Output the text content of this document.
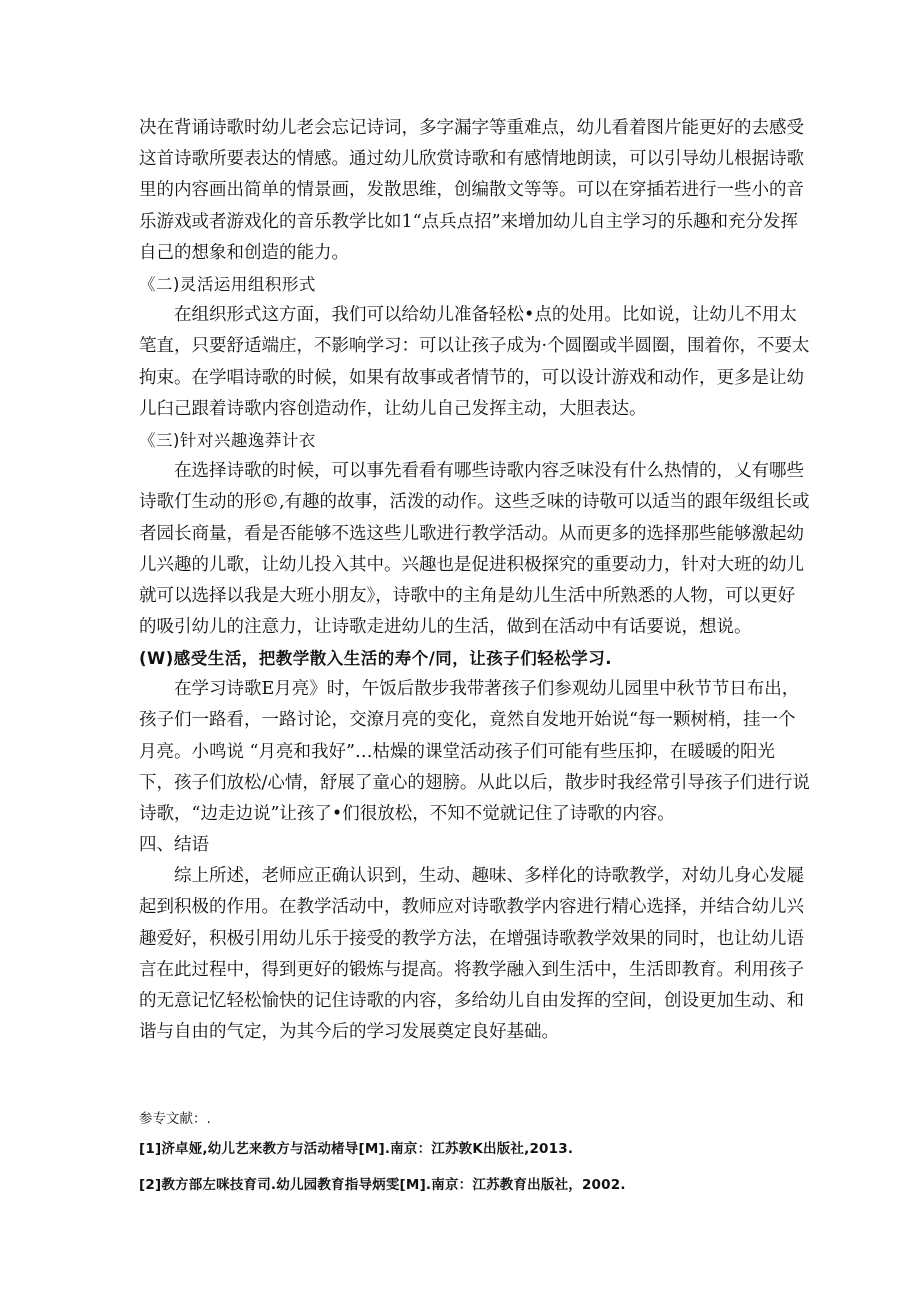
决在背诵诗歌时幼儿老会忘记诗词，多字漏字等重难点，幼儿看着图片能更好的去感受
这首诗歌所要表达的情感。通过幼儿欣赏诗歌和有感情地朗读，可以引导幼儿根据诗歌
里的内容画出简单的情景画，发散思维，创编散文等等。可以在穿插若进行一些小的音
乐游戏或者游戏化的音乐教学比如1“点兵点招”来增加幼儿自主学习的乐趣和充分发挥
自己的想象和创造的能力。
《二)灵活运用组积形式
在组织形式这方面，我们可以给幼儿准备轻松•点的处用。比如说，让幼儿不用太
笔直，只要舒适端庄，不影响学习：可以让孩子成为·个圆圈或半圆圈，围着你，不要太
拘束。在学唱诗歌的时候，如果有故事或者情节的，可以设计游戏和动作，更多是让幼
儿臼己跟着诗歌内容创造动作，让幼儿自己发挥主动，大胆表达。
《三)针对兴趣逸莽计衣
在选择诗歌的时候，可以事先看看有哪些诗歌内容乏味没有什么热情的，乂有哪些
诗歌仃生动的形©,有趣的故事，活泼的动作。这些乏味的诗敬可以适当的跟年级组长或
者园长商量，看是否能够不选这些儿歌进行教学活动。从而更多的选择那些能够激起幼
儿兴趣的儿歌，让幼儿投入其中。兴趣也是促进积极探究的重要动力，针对大班的幼儿
就可以选择以我是大班小朋友》，诗歌中的主角是幼儿生活中所熟悉的人物，可以更好
的吸引幼儿的注意力，让诗歌走进幼儿的生活，做到在活动中有话要说，想说。
(W)感受生活，把教学散入生活的寿个/同，让孩子们轻松学习.
在学习诗歌E月亮》时，午饭后散步我带著孩子们参观幼儿园里中秋节节日布出，
孩子们一路看，一路讨论，交潦月亮的变化，竟然自发地开始说“每一颗树梢，挂一个
月亮。小鸣说 “月亮和我好”…枯燥的课堂活动孩子们可能有些压抑，在暖暖的阳光
下，孩子们放松/心情，舒展了童心的翅膀。从此以后，散步时我经常引导孩子们进行说
诗歌，“边走边说”让孩了•们很放松，不知不觉就记住了诗歌的内容。
四、结语
综上所述，老师应正确认识到，生动、趣味、多样化的诗歌教学，对幼儿身心发屣
起到积极的作用。在教学活动中，教师应对诗歌教学内容进行精心选择，并结合幼儿兴
趣爱好，积极引用幼儿乐于接受的教学方法，在增强诗歌教学效果的同时，也让幼儿语
言在此过程中，得到更好的锻炼与提高。将教学融入到生活中，生活即教育。利用孩子
的无意记忆轻松愉快的记住诗歌的内容，多给幼儿自由发挥的空间，创设更加生动、和
谐与自由的气定，为其今后的学习发展奠定良好基础。
参专文献：.
[1]济卓娅,幼儿艺来教方与活动楮导[M].南京：江苏敦K出版社,2013.
[2]教方部左咪技育司.幼儿园教育指导炳雯[M].南京：江苏教育出版社，2002.
